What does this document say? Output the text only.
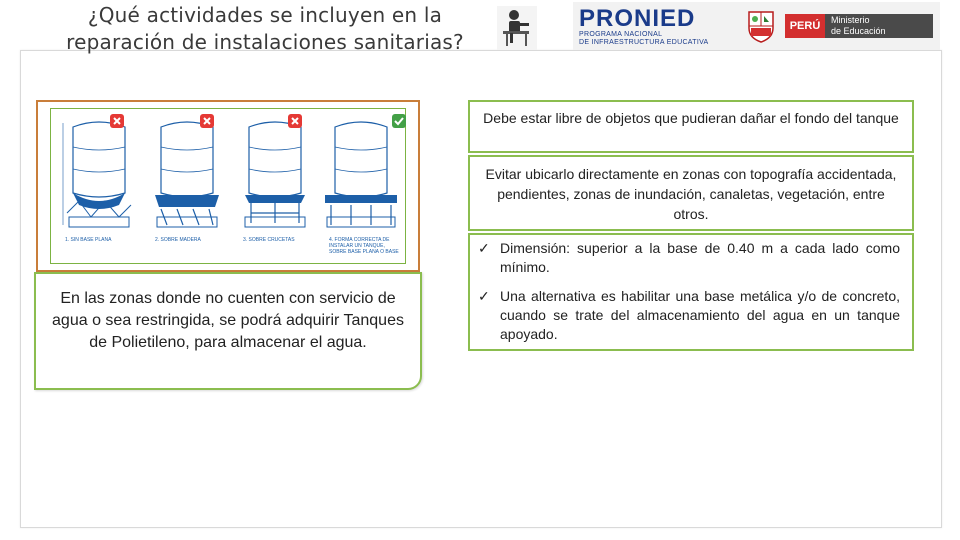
¿Qué actividades se incluyen en la
reparación de instalaciones sanitarias?
PRONIED
PROGRAMA NACIONAL
DE INFRAESTRUCTURA EDUCATIVA
PERÚ	Ministerio
de Educación
1. SIN BASE PLANA	2. SOBRE MADERA	3. SOBRE CRUCETAS	4. FORMA CORRECTA DE INSTALAR UN TANQUE, SOBRE BASE PLANA O BASE
En las zonas donde no cuenten con servicio de agua o sea restringida, se podrá adquirir Tanques de Polietileno, para almacenar el agua.
Debe estar libre de objetos que pudieran dañar el fondo del tanque
Evitar ubicarlo directamente en zonas con topografía accidentada, pendientes, zonas de inundación, canaletas, vegetación, entre otros.
✓ Dimensión: superior a la base de 0.40 m a cada lado como mínimo.
✓ Una alternativa es habilitar una base metálica y/o de concreto, cuando se trate del almacenamiento del agua en un tanque apoyado.
